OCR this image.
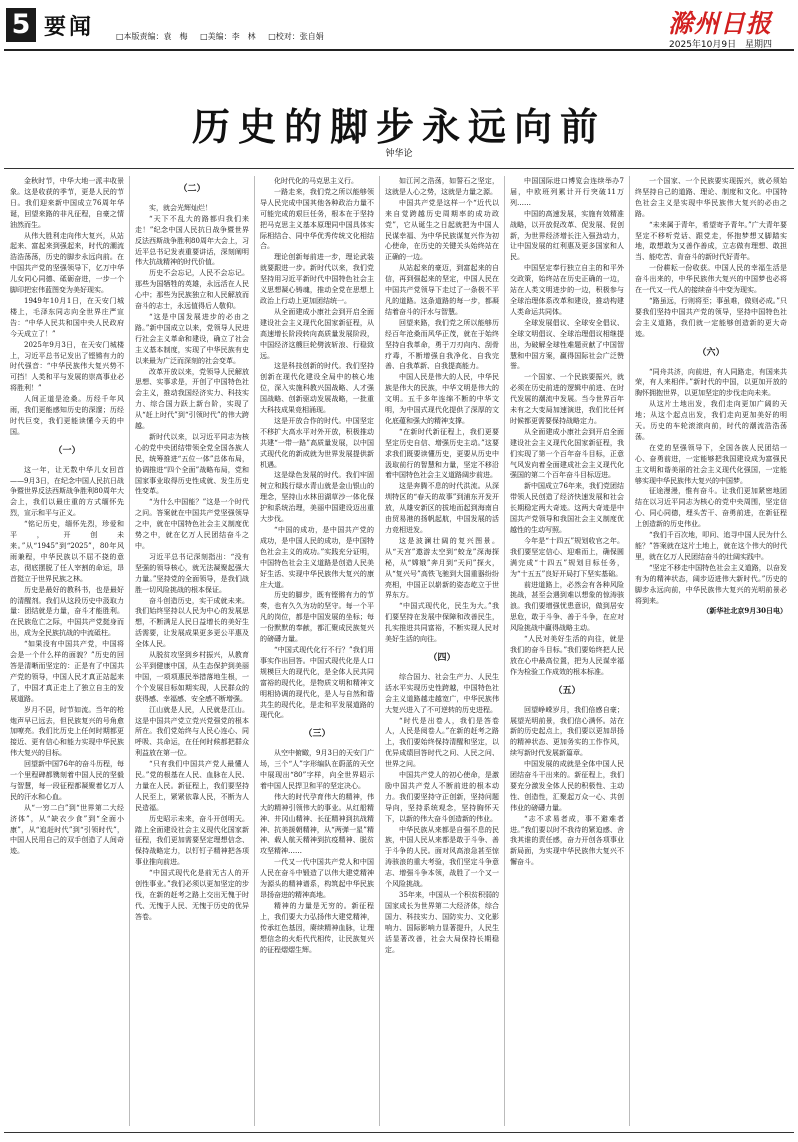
5 要闻	□本版责编：袁　梅 □美编：李　林 □校对：张自娟	滁州日报
2025年10月9日 星期四
历史的脚步永远向前
钟华论

金秋时节，中华大地一派丰收景象。这是收获的季节，更是人民的节日。我们迎来新中国成立76周年华诞，回望来路的非凡征程，自豪之情油然而生。

从伟大胜利走向伟大复兴，从站起来、富起来到强起来，时代的潮流浩浩荡荡，历史的脚步永远向前。在中国共产党的坚强领导下，亿万中华儿女同心同德、砥砺奋进，一步一个脚印把宏伟蓝图变为美好现实。

1949年10月1日，在天安门城楼上，毛泽东同志向全世界庄严宣告：“中华人民共和国中央人民政府今天成立了！”

2025年9月3日，在天安门城楼上，习近平总书记发出了铿锵有力的时代强音：“中华民族伟大复兴势不可挡！人类和平与发展的崇高事业必将胜利！”

人间正道是沧桑。历经千年风雨，我们更能感知历史的深邃；历经时代巨变，我们更能读懂今天的中国。

（一）

这一年，让无数中华儿女回首——9月3日，在纪念中国人民抗日战争暨世界反法西斯战争胜利80周年大会上，我们以最庄重的方式缅怀先烈，宣示和平与正义。

“铭记历史，缅怀先烈，珍爱和平，开创未来。”从“1945”到“2025”，80年风雨兼程，中华民族以不屈不挠的意志，彻底摆脱了任人宰割的命运，昂首挺立于世界民族之林。

历史是最好的教科书，也是最好的清醒剂。我们从这段历史中汲取力量：团结就是力量，奋斗才能胜利。在民族危亡之际，中国共产党挺身而出，成为全民族抗战的中流砥柱。

“如果没有中国共产党，中国将会是一个什么样的面貌？”历史的回答是清晰而坚定的：正是有了中国共产党的领导，中国人民才真正站起来了，中国才真正走上了独立自主的发展道路。

岁月不居，时节如流。当年的枪炮声早已远去，但民族复兴的号角愈加嘹亮。我们比历史上任何时期都更接近、更有信心和能力实现中华民族伟大复兴的目标。

回望新中国76年的奋斗历程，每一个里程碑都镌刻着中国人民的坚毅与智慧，每一段征程都凝聚着亿万人民的汗水和心血。

从“一穷二白”到“世界第二大经济体”，从“缺衣少食”到“全面小康”，从“追赶时代”到“引领时代”，中国人民用自己的双手创造了人间奇迹。

（二）

实，就会光辉灿烂！

“天下不乱大的路都归我们来走！”纪念中国人民抗日战争暨世界反法西斯战争胜利80周年大会上，习近平总书记发表重要讲话，深刻阐明伟大抗战精神的时代价值。

历史不会忘记，人民不会忘记。那些为国牺牲的英雄，永远活在人民心中；那些为民族独立和人民解放而奋斗的志士，永远值得后人敬仰。

“这是中国发展进步的必由之路。”新中国成立以来，党领导人民进行社会主义革命和建设，确立了社会主义基本制度，实现了中华民族有史以来最为广泛而深刻的社会变革。

改革开放以来，党领导人民解放思想、实事求是，开创了中国特色社会主义，推动我国经济实力、科技实力、综合国力跃上新台阶，实现了从“赶上时代”到“引领时代”的伟大跨越。

新时代以来，以习近平同志为核心的党中央团结带领全党全国各族人民，统筹推进“五位一体”总体布局，协调推进“四个全面”战略布局，党和国家事业取得历史性成就、发生历史性变革。

“为什么中国能？”这是一个时代之问。答案就在中国共产党坚强领导之中，就在中国特色社会主义制度优势之中，就在亿万人民团结奋斗之中。

习近平总书记深刻指出：“没有坚强的领导核心，就无法凝聚起强大力量。”坚持党的全面领导，是我们战胜一切风险挑战的根本保证。

奋斗创造历史，实干成就未来。我们始终坚持以人民为中心的发展思想，不断满足人民日益增长的美好生活需要，让发展成果更多更公平惠及全体人民。

从脱贫攻坚到乡村振兴，从教育公平到健康中国，从生态保护到美丽中国，一项项惠民举措落地生根，一个个发展目标如期实现，人民群众的获得感、幸福感、安全感不断增强。

江山就是人民，人民就是江山。这是中国共产党立党兴党强党的根本所在。我们党始终与人民心连心、同呼吸、共命运，在任何时候都把群众利益放在第一位。

“只有我们中国共产党人最懂人民。”党的根基在人民、血脉在人民、力量在人民。新征程上，我们要坚持人民至上，紧紧依靠人民，不断为人民造福。

历史昭示未来，奋斗开创明天。踏上全面建设社会主义现代化国家新征程，我们更加需要坚定理想信念、保持战略定力，以钉钉子精神把各项事业推向前进。

“中国式现代化是前无古人的开创性事业。”我们必须以更加坚定的步伐，在新的赶考之路上交出无愧于时代、无愧于人民、无愧于历史的优异答卷。

化时代化的马克思主义行。

一路走来，我们党之所以能够领导人民完成中国其他各种政治力量不可能完成的艰巨任务，根本在于坚持把马克思主义基本原理同中国具体实际相结合、同中华优秀传统文化相结合。

理论创新每前进一步，理论武装就要跟进一步。新时代以来，我们党坚持用习近平新时代中国特色社会主义思想凝心铸魂，推动全党在思想上政治上行动上更加团结统一。

从全面建成小康社会到开启全面建设社会主义现代化国家新征程，从高速增长阶段转向高质量发展阶段，中国经济这艘巨轮劈波斩浪、行稳致远。

这是科技创新的时代。我们坚持创新在现代化建设全局中的核心地位，深入实施科教兴国战略、人才强国战略、创新驱动发展战略，一批重大科技成果竞相涌现。

这是开放合作的时代。中国坚定不移扩大高水平对外开放，积极推动共建“一带一路”高质量发展，以中国式现代化的新成就为世界发展提供新机遇。

这是绿色发展的时代。我们牢固树立和践行绿水青山就是金山银山的理念，坚持山水林田湖草沙一体化保护和系统治理，美丽中国建设迈出重大步伐。

“中国的成功，是中国共产党的成功，是中国人民的成功，是中国特色社会主义的成功。”实践充分证明，中国特色社会主义道路是创造人民美好生活、实现中华民族伟大复兴的康庄大道。

历史的脚步，既有铿锵有力的节奏，也有久久为功的坚守。每一个平凡的岗位，都是中国发展的坐标；每一份默默的奉献，都汇聚成民族复兴的磅礴力量。

“中国式现代化行不行？”我们用事实作出回答。中国式现代化是人口规模巨大的现代化，是全体人民共同富裕的现代化，是物质文明和精神文明相协调的现代化，是人与自然和谐共生的现代化，是走和平发展道路的现代化。

（三）

从空中俯瞰，9月3日的天安门广场，三个“人”字形编队在蔚蓝的天空中展现出“80”字样，向全世界昭示着中国人民捍卫和平的坚定决心。

伟大的时代孕育伟大的精神，伟大的精神引领伟大的事业。从红船精神、井冈山精神、长征精神到抗战精神、抗美援朝精神，从“两弹一星”精神、载人航天精神到抗疫精神、脱贫攻坚精神……

一代又一代中国共产党人和中国人民在奋斗中锻造了以伟大建党精神为源头的精神谱系，构筑起中华民族昂扬奋进的精神高地。

精神的力量是无穷的。新征程上，我们要大力弘扬伟大建党精神，传承红色基因，赓续精神血脉，让理想信念的火炬代代相传，让民族复兴的征程熠熠生辉。

如江河之浩荡，如誓石之坚定，这就是人心之势，这就是力量之源。

中国共产党是这样一个“近代以来自觉跨越历史周期率的成功政党”，它从诞生之日起就把为中国人民谋幸福、为中华民族谋复兴作为初心使命，在历史的关键关头始终站在正确的一边。

从站起来的豪迈，到富起来的自信，再到强起来的坚定，中国人民在中国共产党领导下走过了一条极不平凡的道路。这条道路的每一步，都凝结着奋斗的汗水与智慧。

回望来路，我们党之所以能够历经百年沧桑而风华正茂，就在于始终坚持自我革命，勇于刀刃向内、刮骨疗毒，不断增强自我净化、自我完善、自我革新、自我提高能力。

中国人民是伟大的人民，中华民族是伟大的民族，中华文明是伟大的文明。五千多年连绵不断的中华文明，为中国式现代化提供了深厚的文化底蕴和强大的精神支撑。

“在新时代新征程上，我们更要坚定历史自信、增强历史主动。”这要求我们既要读懂历史，更要从历史中汲取前行的智慧和力量，坚定不移沿着中国特色社会主义道路阔步前进。

这是奔腾不息的时代洪流。从深圳特区的“春天的故事”到浦东开发开放，从雄安新区的拔地而起到海南自由贸易港的扬帆起航，中国发展的活力竞相迸发。

这是波澜壮阔的复兴图景。从“天宫”遨游太空到“蛟龙”深海探秘，从“嫦娥”奔月到“天问”探火，从“复兴号”高铁飞驰到大国重器纷纷亮相，中国正以崭新的姿态屹立于世界东方。

“中国式现代化，民生为大。”我们要坚持在发展中保障和改善民生，扎实推进共同富裕，不断实现人民对美好生活的向往。

（四）

综合国力、社会生产力、人民生活水平实现历史性跨越，中国特色社会主义道路越走越宽广，中华民族伟大复兴进入了不可逆转的历史进程。

“时代是出卷人，我们是答卷人，人民是阅卷人。”在新的赶考之路上，我们要始终保持清醒和坚定，以优异成绩回答时代之问、人民之问、世界之问。

中国共产党人的初心使命，是激励中国共产党人不断前进的根本动力。我们要坚持守正创新，坚持问题导向，坚持系统观念，坚持胸怀天下，以新的伟大奋斗创造新的伟业。

中华民族从来都是自强不息的民族，中国人民从来都是敢于斗争、善于斗争的人民。面对风高浪急甚至惊涛骇浪的重大考验，我们坚定斗争意志、增强斗争本领，战胜了一个又一个风险挑战。

35年来，中国从一个积贫积弱的国家成长为世界第二大经济体，综合国力、科技实力、国防实力、文化影响力、国际影响力显著提升，人民生活显著改善，社会大局保持长期稳定。

中国国际进口博览会连续举办7届，中欧班列累计开行突破11万列……

中国的高速发展，实施有效精准战略，以开放促改革、促发展、促创新，为世界经济增长注入强劲动力，让中国发展的红利惠及更多国家和人民。

中国坚定奉行独立自主的和平外交政策，始终站在历史正确的一边，站在人类文明进步的一边，积极参与全球治理体系改革和建设，推动构建人类命运共同体。

全球发展倡议、全球安全倡议、全球文明倡议、全球治理倡议相继提出，为破解全球性难题贡献了中国智慧和中国方案，赢得国际社会广泛赞誉。

一个国家、一个民族要振兴，就必须在历史前进的逻辑中前进、在时代发展的潮流中发展。当今世界百年未有之大变局加速演进，我们比任何时候都更需要保持战略定力。

从全面建成小康社会到开启全面建设社会主义现代化国家新征程，我们实现了第一个百年奋斗目标，正意气风发向着全面建成社会主义现代化强国的第二个百年奋斗目标迈进。

新中国成立76年来，我们党团结带领人民创造了经济快速发展和社会长期稳定两大奇迹。这两大奇迹是中国共产党领导和我国社会主义制度优越性的生动写照。

今年是“十四五”规划收官之年。我们要坚定信心、迎难而上，确保圆满完成“十四五”规划目标任务，为“十五五”良好开局打下坚实基础。

前进道路上，必然会有各种风险挑战，甚至会遇到难以想象的惊涛骇浪。我们要增强忧患意识，做到居安思危，敢于斗争、善于斗争，在应对风险挑战中赢得战略主动。

“人民对美好生活的向往，就是我们的奋斗目标。”我们要始终把人民放在心中最高位置，把为人民谋幸福作为检验工作成效的根本标准。

（五）

回望峥嵘岁月，我们倍感自豪；展望光明前景，我们信心满怀。站在新的历史起点上，我们要以更加昂扬的精神状态、更加务实的工作作风，续写新时代发展新篇章。

中国发展的成就是全体中国人民团结奋斗干出来的。新征程上，我们要充分激发全体人民的积极性、主动性、创造性，汇聚起万众一心、共创伟业的磅礴力量。

“志不求易者成，事不避难者进。”我们要以时不我待的紧迫感、舍我其谁的责任感，奋力开创各项事业新局面，为实现中华民族伟大复兴不懈奋斗。

一个国家、一个民族要实现振兴，就必须始终坚持自己的道路、理论、制度和文化。中国特色社会主义是实现中华民族伟大复兴的必由之路。

“未来属于青年，希望寄予青年。”广大青年要坚定不移听党话、跟党走，怀抱梦想又脚踏实地，敢想敢为又善作善成，立志做有理想、敢担当、能吃苦、肯奋斗的新时代好青年。

一份耕耘一份收获。中国人民的幸福生活是奋斗出来的，中华民族伟大复兴的中国梦也必将在一代又一代人的接续奋斗中变为现实。

“路虽远，行则将至；事虽难，做则必成。”只要我们坚持中国共产党的领导，坚持中国特色社会主义道路，我们就一定能够创造新的更大奇迹。

（六）

“同舟共济，向前进，有人同路走，有国来共荣，有人来相伴。”新时代的中国，以更加开放的胸怀拥抱世界，以更加坚定的步伐走向未来。

从这片土地出发，我们走向更加广阔的天地；从这个起点出发，我们走向更加美好的明天。历史的车轮滚滚向前，时代的潮流浩浩荡荡。

在党的坚强领导下，全国各族人民团结一心、奋勇前进，一定能够把我国建设成为富强民主文明和谐美丽的社会主义现代化强国，一定能够实现中华民族伟大复兴的中国梦。

征途漫漫，惟有奋斗。让我们更加紧密地团结在以习近平同志为核心的党中央周围，坚定信心、同心同德，埋头苦干、奋勇前进，在新征程上创造新的历史伟业。

“我们千百次地，叩问、追寻中国人民为什么能？”答案就在这片土地上，就在这个伟大的时代里，就在亿万人民团结奋斗的壮阔实践中。

“坚定不移走中国特色社会主义道路，以奋发有为的精神状态，阔步迈进伟大新时代。”历史的脚步永远向前，中华民族伟大复兴的光明前景必将到来。

（新华社北京9月30日电）
